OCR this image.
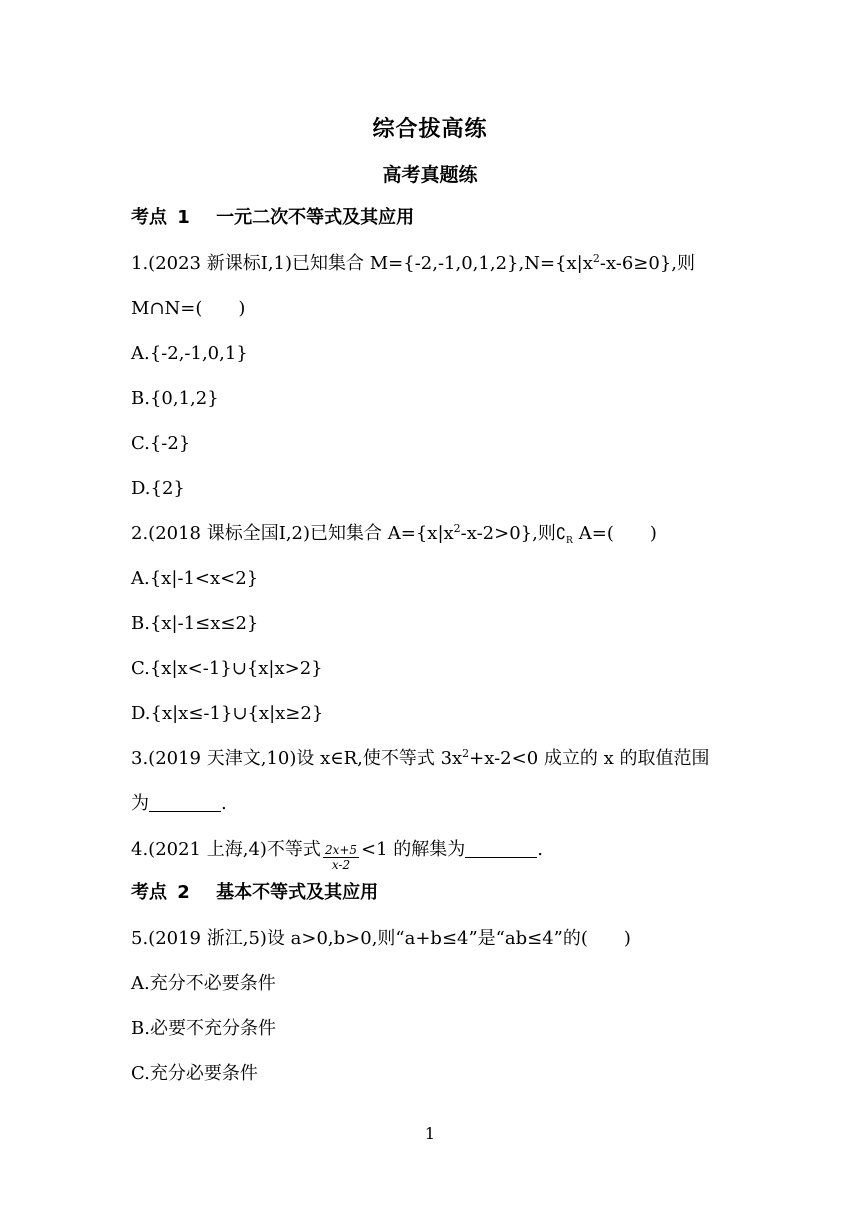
综合拔高练
高考真题练
考点 1 一元二次不等式及其应用
1.(2023 新课标Ⅰ,1)已知集合 $M=\{-2,-1,0,1,2\},N=\{x|x^2-x-6\ge 0\}$,则
M∩N=(　　)
A.{-2,-1,0,1}
B.{0,1,2}
C.{-2}
D.{2}
2.(2018 课标全国Ⅰ,2)已知集合 $A=\{x|x^2-x-2>0\}$,则$∁_R$ A=(　　)
A.{x|-1<x<2}
B.{x|-1≤x≤2}
C.{x|x<-1}∪{x|x>2}
D.{x|x≤-1}∪{x|x≥2}
3.(2019 天津文,10)设 x∈R,使不等式 $3x^2+x-2<0$ 成立的 x 的取值范围
为	.
4.(2021 上海,4)不等式 $\frac{2x+5}{x-2} <1$ 的解集为	.
考点 2 基本不等式及其应用
5.(2019 浙江,5)设 a>0,b>0,则“a+b≤4”是“ab≤4”的(　　)
A.充分不必要条件
B.必要不充分条件
C.充分必要条件
1
